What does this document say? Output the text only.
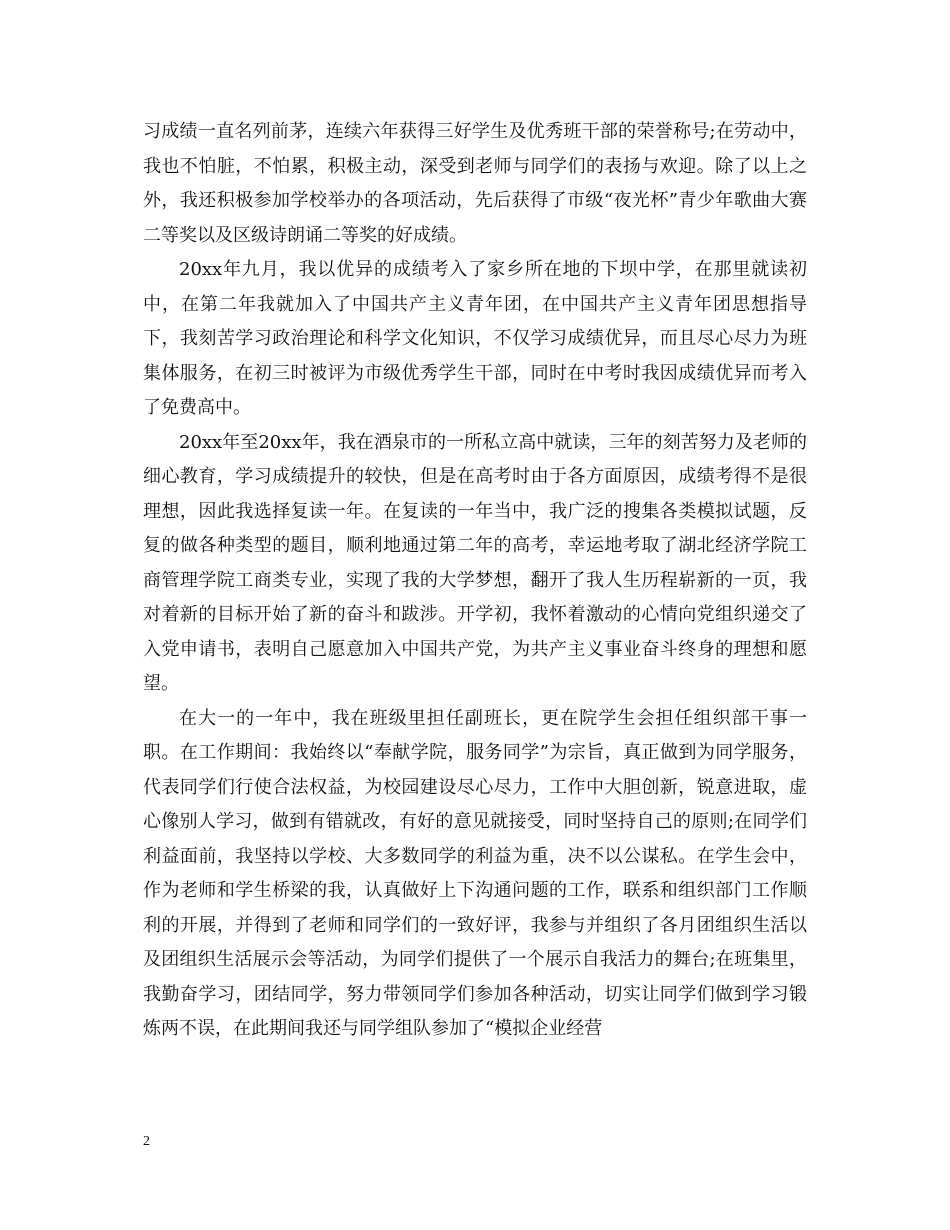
习成绩一直名列前茅，连续六年获得三好学生及优秀班干部的荣誉称号;在劳动中，我也不怕脏，不怕累，积极主动，深受到老师与同学们的表扬与欢迎。除了以上之外，我还积极参加学校举办的各项活动，先后获得了市级“夜光杯”青少年歌曲大赛二等奖以及区级诗朗诵二等奖的好成绩。

20xx年九月，我以优异的成绩考入了家乡所在地的下坝中学，在那里就读初中，在第二年我就加入了中国共产主义青年团，在中国共产主义青年团思想指导下，我刻苦学习政治理论和科学文化知识，不仅学习成绩优异，而且尽心尽力为班集体服务，在初三时被评为市级优秀学生干部，同时在中考时我因成绩优异而考入了免费高中。

20xx年至20xx年，我在酒泉市的一所私立高中就读，三年的刻苦努力及老师的细心教育，学习成绩提升的较快，但是在高考时由于各方面原因，成绩考得不是很理想，因此我选择复读一年。在复读的一年当中，我广泛的搜集各类模拟试题，反复的做各种类型的题目，顺利地通过第二年的高考，幸运地考取了湖北经济学院工商管理学院工商类专业，实现了我的大学梦想，翻开了我人生历程崭新的一页，我对着新的目标开始了新的奋斗和跋涉。开学初，我怀着激动的心情向党组织递交了入党申请书，表明自己愿意加入中国共产党，为共产主义事业奋斗终身的理想和愿望。

在大一的一年中，我在班级里担任副班长，更在院学生会担任组织部干事一职。在工作期间：我始终以“奉献学院，服务同学”为宗旨，真正做到为同学服务，代表同学们行使合法权益，为校园建设尽心尽力，工作中大胆创新，锐意进取，虚心像别人学习，做到有错就改，有好的意见就接受，同时坚持自己的原则;在同学们利益面前，我坚持以学校、大多数同学的利益为重，决不以公谋私。在学生会中，作为老师和学生桥梁的我，认真做好上下沟通问题的工作，联系和组织部门工作顺利的开展，并得到了老师和同学们的一致好评，我参与并组织了各月团组织生活以及团组织生活展示会等活动，为同学们提供了一个展示自我活力的舞台;在班集里，我勤奋学习，团结同学，努力带领同学们参加各种活动，切实让同学们做到学习锻炼两不误，在此期间我还与同学组队参加了“模拟企业经营

2
